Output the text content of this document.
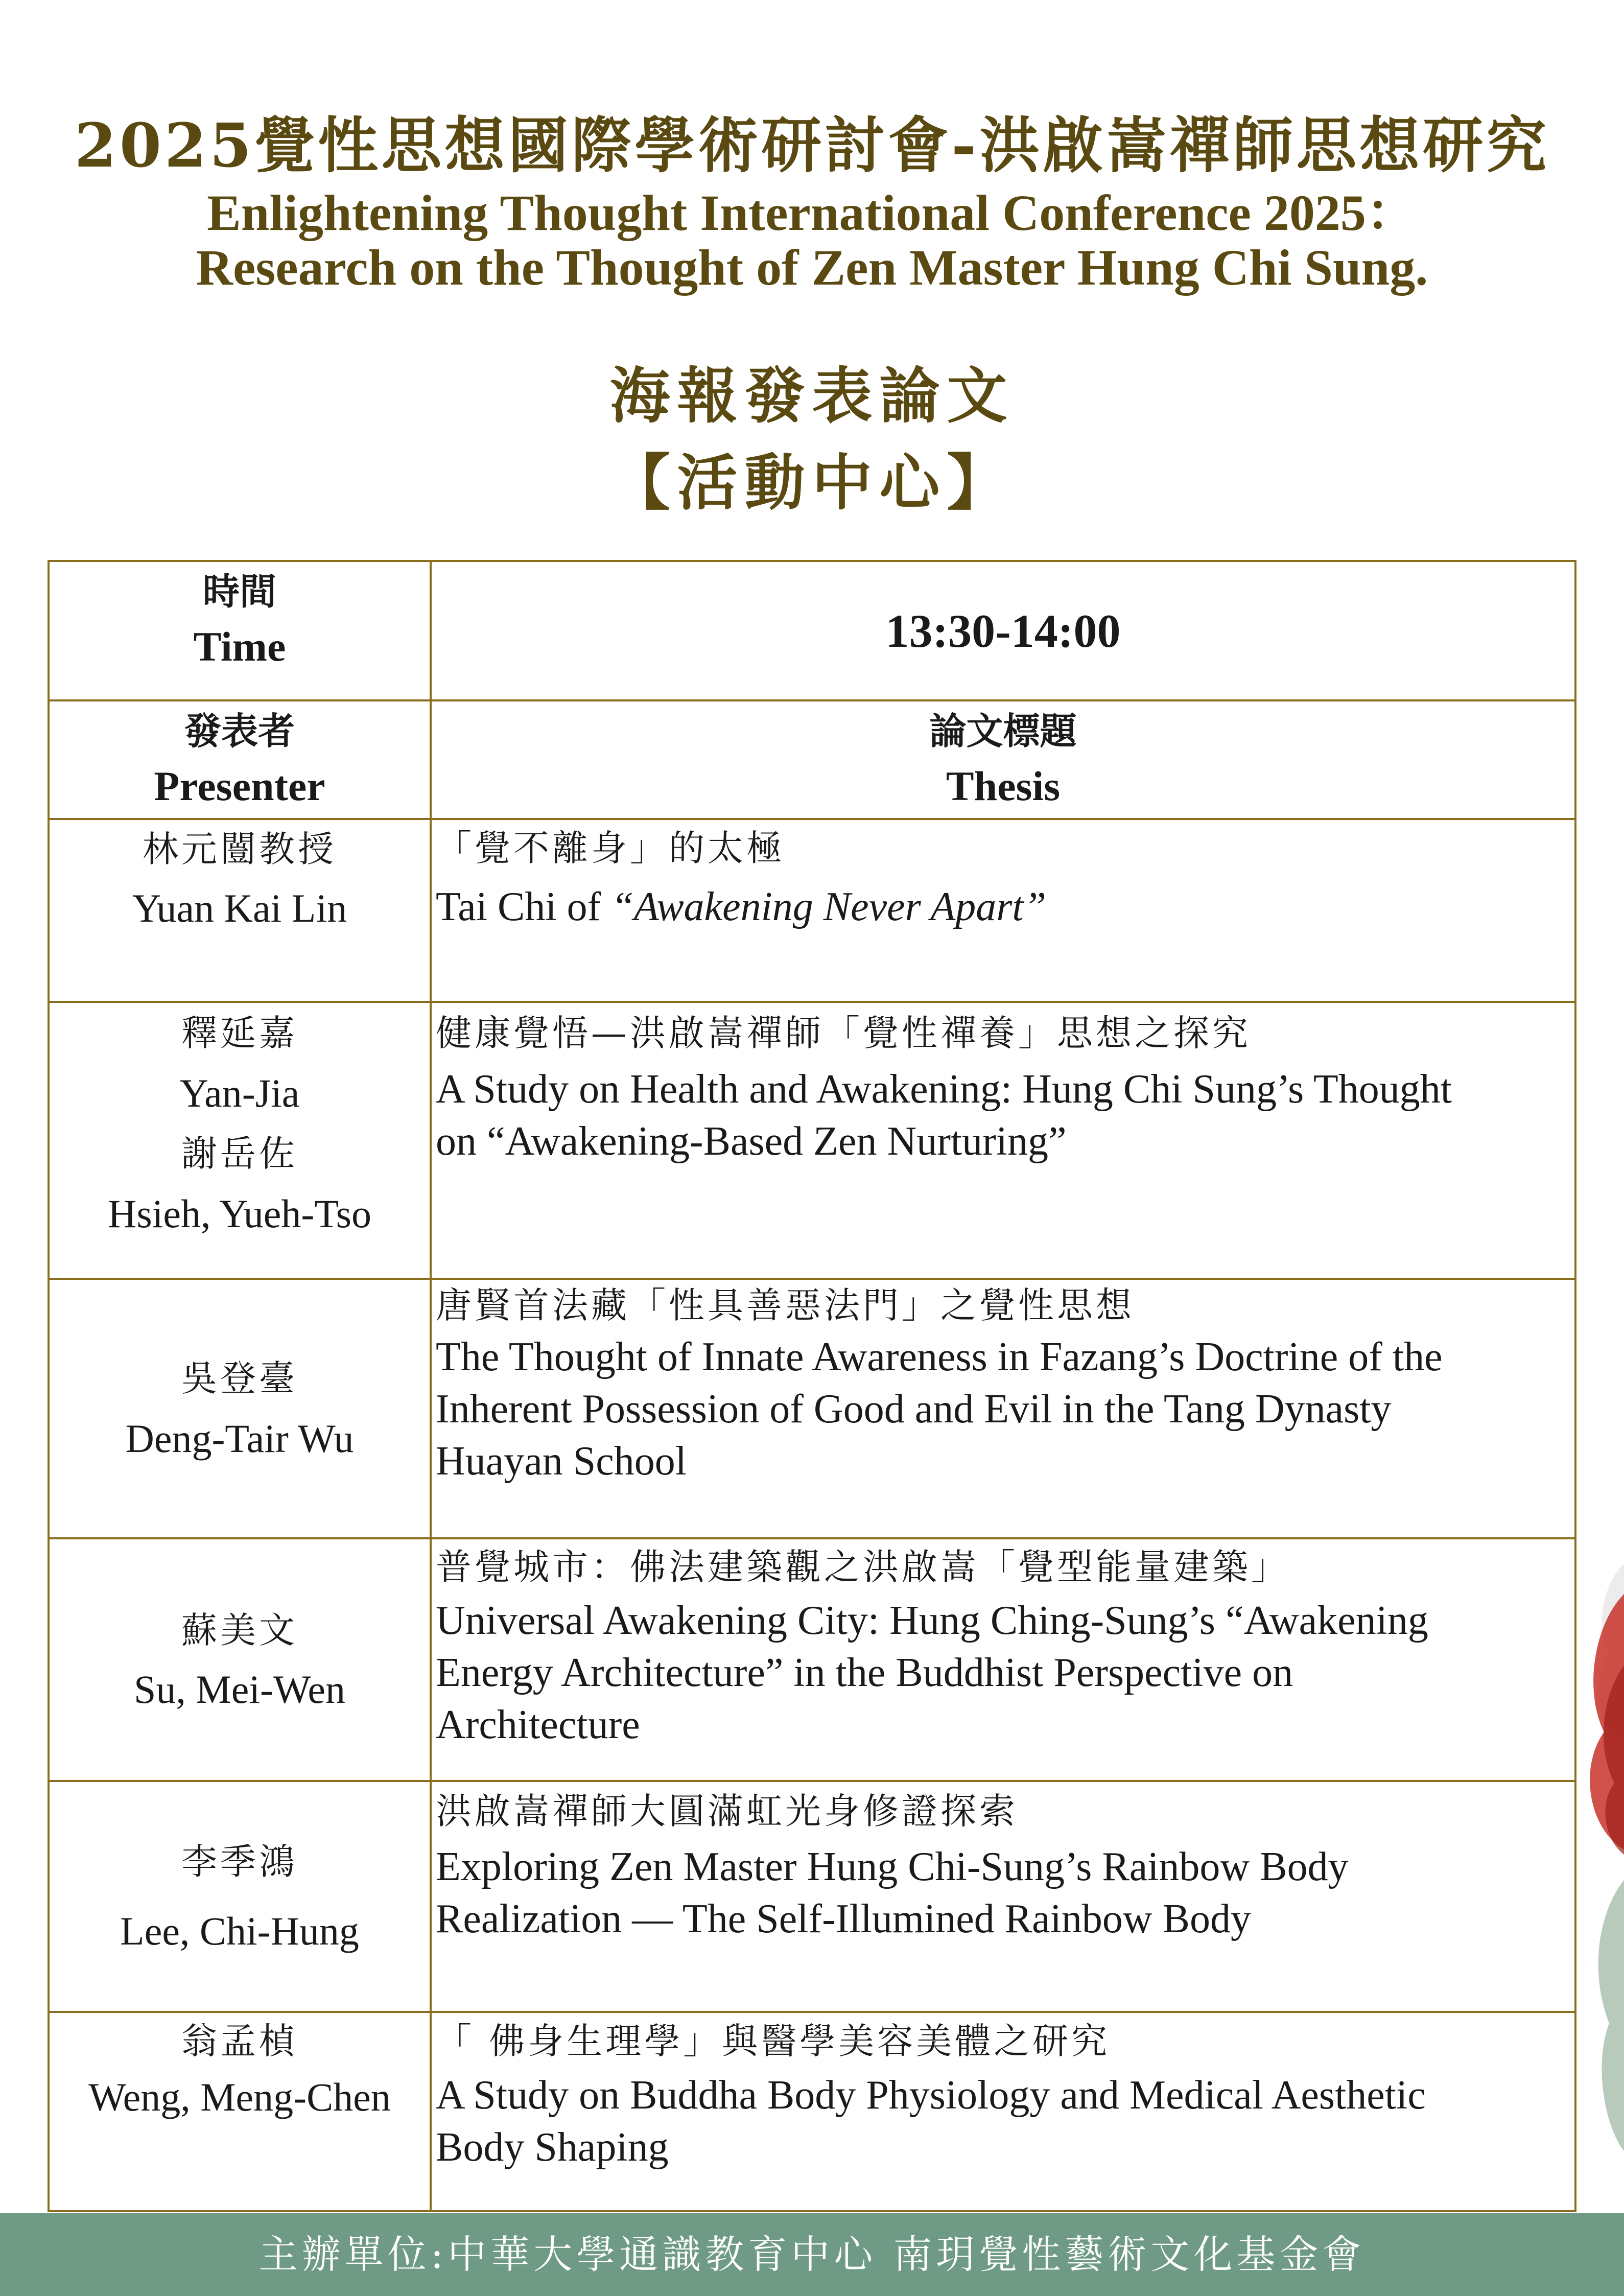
2025覺性思想國際學術研討會-洪啟嵩禪師思想研究
Enlightening Thought International Conference 2025：
Research on the Thought of Zen Master Hung Chi Sung.
海報發表論文
【活動中心】
時間
Time	13:30-14:00

發表者
Presenter	論文標題
Thesis

林元闓教授
Yuan Kai Lin	「覺不離身」的太極
Tai Chi of “Awakening Never Apart”

釋延嘉
Yan-Jia
謝岳佐
Hsieh, Yueh-Tso	健康覺悟—洪啟嵩禪師「覺性禪養」思想之探究
A Study on Health and Awakening: Hung Chi Sung’s Thought
on “Awakening-Based Zen Nurturing”

吳登臺
Deng-Tair Wu	唐賢首法藏「性具善惡法門」之覺性思想
The Thought of Innate Awareness in Fazang’s Doctrine of the
Inherent Possession of Good and Evil in the Tang Dynasty
Huayan School

蘇美文
Su, Mei-Wen	普覺城市：佛法建築觀之洪啟嵩「覺型能量建築」
Universal Awakening City: Hung Ching-Sung’s “Awakening
Energy Architecture” in the Buddhist Perspective on
Architecture

李季鴻
Lee, Chi-Hung	洪啟嵩禪師大圓滿虹光身修證探索
Exploring Zen Master Hung Chi-Sung’s Rainbow Body
Realization — The Self-Illumined Rainbow Body

翁孟楨
Weng, Meng-Chen	「 佛身生理學」與醫學美容美體之研究
A Study on Buddha Body Physiology and Medical Aesthetic
Body Shaping
主辦單位:中華大學通識教育中心 南玥覺性藝術文化基金會
